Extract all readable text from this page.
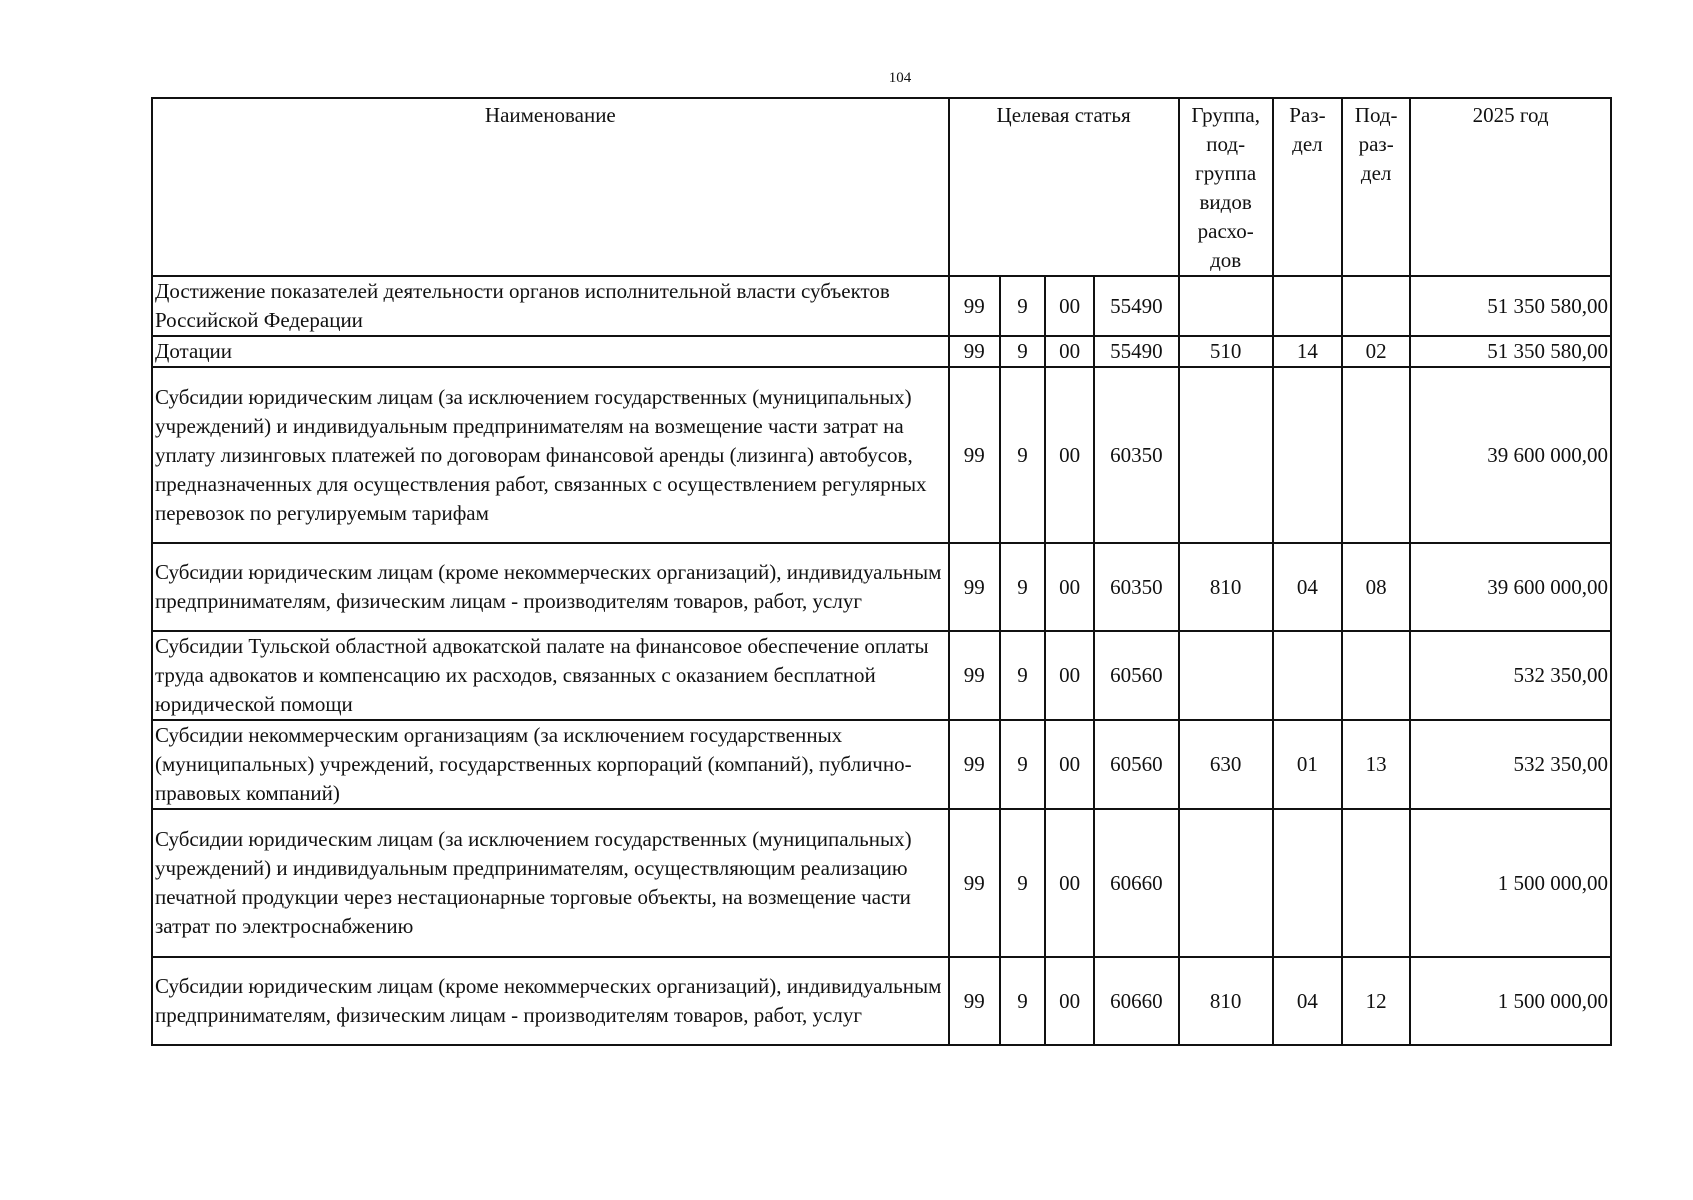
104
Наименование	Целевая статья				Группа, под- группа видов расхо- дов	Раз- дел	Под- раз- дел	2025 год
Достижение показателей деятельности органов исполнительной власти субъектов Российской Федерации	99	9	00	55490				51 350 580,00
Дотации	99	9	00	55490	510	14	02	51 350 580,00
Субсидии юридическим лицам (за исключением государственных (муниципальных) учреждений) и индивидуальным предпринимателям на возмещение части затрат на уплату лизинговых платежей по договорам финансовой аренды (лизинга) автобусов, предназначенных для осуществления работ, связанных с осуществлением регулярных перевозок по регулируемым тарифам	99	9	00	60350				39 600 000,00
Субсидии юридическим лицам (кроме некоммерческих организаций), индивидуальным предпринимателям, физическим лицам - производителям товаров, работ, услуг	99	9	00	60350	810	04	08	39 600 000,00
Субсидии Тульской областной адвокатской палате на финансовое обеспечение оплаты труда адвокатов и компенсацию их расходов, связанных с оказанием бесплатной юридической помощи	99	9	00	60560				532 350,00
Субсидии некоммерческим организациям (за исключением государственных (муниципальных) учреждений, государственных корпораций (компаний), публично-правовых компаний)	99	9	00	60560	630	01	13	532 350,00
Субсидии юридическим лицам (за исключением государственных (муниципальных) учреждений) и индивидуальным предпринимателям, осуществляющим реализацию печатной продукции через нестационарные торговые объекты, на возмещение части затрат по электроснабжению	99	9	00	60660				1 500 000,00
Субсидии юридическим лицам (кроме некоммерческих организаций), индивидуальным предпринимателям, физическим лицам - производителям товаров, работ, услуг	99	9	00	60660	810	04	12	1 500 000,00
